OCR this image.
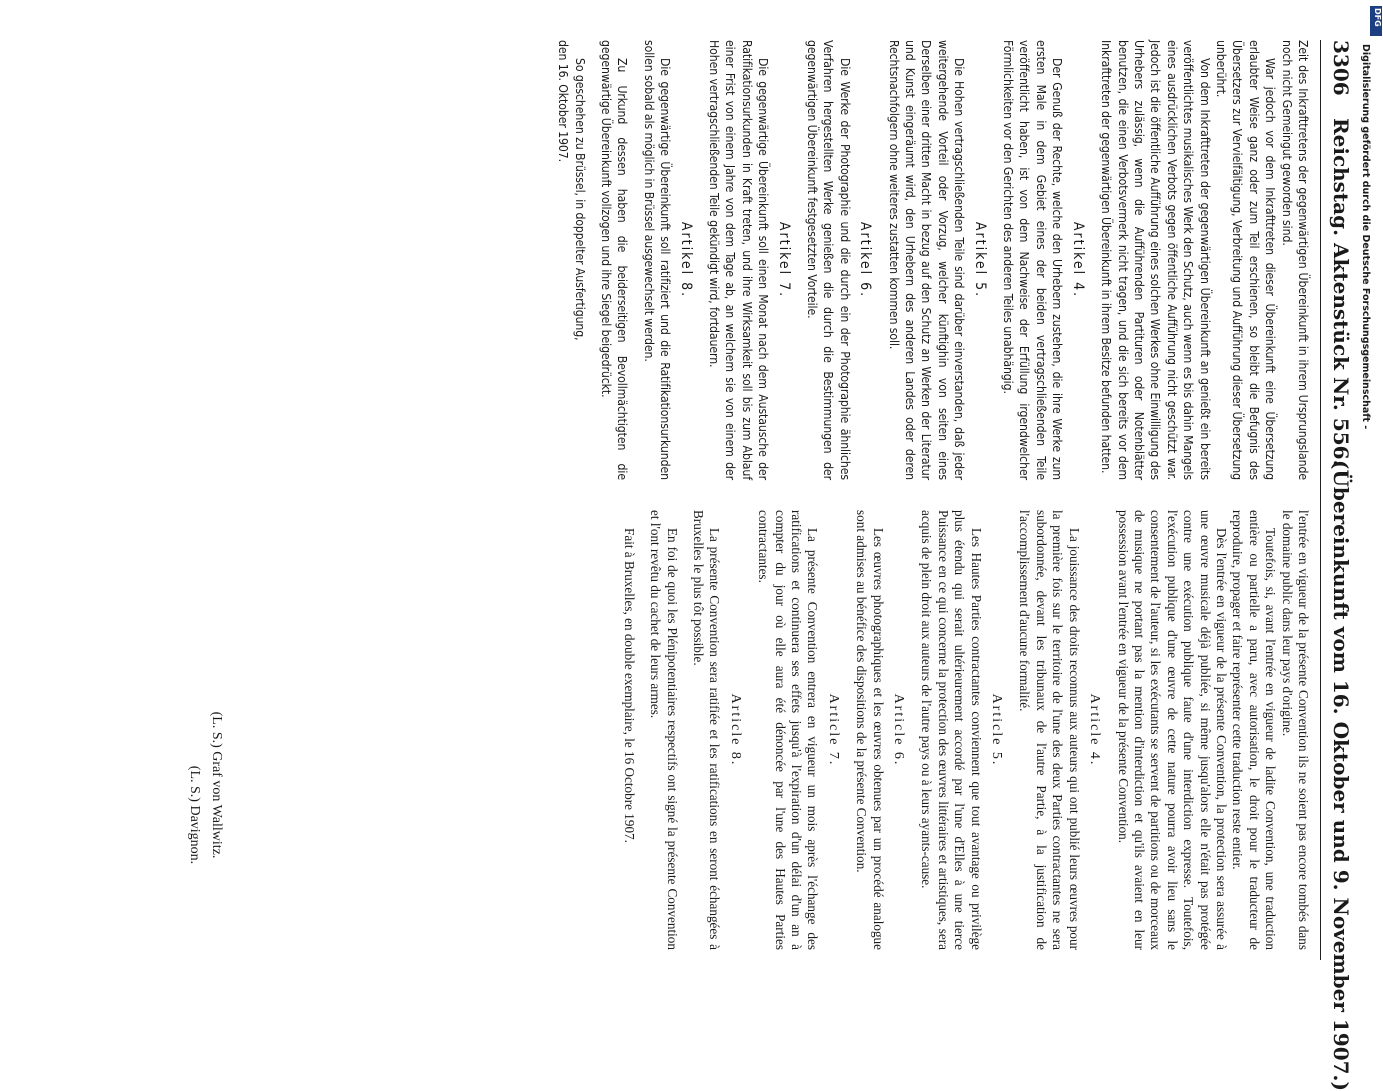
3306
Reichstag. Aktenstück Nr. 556.
(Übereinkunft vom 16. Oktober und 9. November 1907.)

Zeit des Inkrafttretens der gegenwärtigen Übereinkunft in ihrem Ursprungslande noch nicht Gemeingut geworden sind.

War jedoch vor dem Inkrafttreten dieser Übereinkunft eine Übersetzung erlaubter Weise ganz oder zum Teil erschienen, so bleibt die Befugnis des Übersetzers zur Vervielfältigung, Verbreitung und Aufführung dieser Übersetzung unberührt.

Von dem Inkrafttreten der gegenwärtigen Übereinkunft an genießt ein bereits veröffentlichtes musikalisches Werk den Schutz, auch wenn es bis dahin Mangels eines ausdrücklichen Verbots gegen öffentliche Aufführung nicht geschützt war. Jedoch ist die öffentliche Aufführung eines solchen Werkes ohne Einwilligung des Urhebers zulässig, wenn die Aufführenden Partituren oder Notenblätter benutzen, die einen Verbotsvermerk nicht tragen, und die sich bereits vor dem Inkrafttreten der gegenwärtigen Übereinkunft in ihrem Besitze befunden hatten.

Artikel 4.

Der Genuß der Rechte, welche den Urhebern zustehen, die ihre Werke zum ersten Male in dem Gebiet eines der beiden vertragschließenden Teile veröffentlicht haben, ist von dem Nachweise der Erfüllung irgendwelcher Förmlichkeiten vor den Gerichten des anderen Teiles unabhängig.

Artikel 5.

Die Hohen vertragschließenden Teile sind darüber einverstanden, daß jeder weitergehende Vorteil oder Vorzug, welcher künftighin von seiten eines Derselben einer dritten Macht in bezug auf den Schutz an Werken der Literatur und Kunst eingeräumt wird, den Urhebern des anderen Landes oder deren Rechtsnachfolgern ohne weiteres zustatten kommen soll.

Artikel 6.

Die Werke der Photographie und die durch ein der Photographie ähnliches Verfahren hergestellten Werke genießen die durch die Bestimmungen der gegenwärtigen Übereinkunft festgesetzten Vorteile.

Artikel 7.

Die gegenwärtige Übereinkunft soll einen Monat nach dem Austausche der Ratifikationsurkunden in Kraft treten, und ihre Wirksamkeit soll bis zum Ablauf einer Frist von einem Jahre von dem Tage ab, an welchem sie von einem der Hohen vertragschließenden Teile gekündigt wird, fortdauern.

Artikel 8.

Die gegenwärtige Übereinkunft soll ratifiziert und die Ratifikationsurkunden sollen sobald als möglich in Brüssel ausgewechselt werden.

Zu Urkund dessen haben die beiderseitigen Bevollmächtigten die gegenwärtige Übereinkunft vollzogen und ihre Siegel beigedrückt.

So geschehen zu Brüssel, in doppelter Ausfertigung,

den 16. Oktober 1907.

l'entrée en vigueur de la présente Convention ils ne soient pas encore tombés dans le domaine public dans leur pays d'origine.

Toutefois, si, avant l'entrée en vigueur de ladite Convention, une traduction entière ou partielle a paru, avec autorisation, le droit pour le traducteur de reproduire, propager et faire représenter cette traduction reste entier.

Dès l'entrée en vigueur de la présente Convention, la protection sera assurée à une œuvre musicale déjà publiée, si même jusqu'alors elle n'était pas protégée contre une exécution publique faute d'une interdiction expresse. Toutefois, l'exécution publique d'une œuvre de cette nature pourra avoir lieu sans le consentement de l'auteur, si les exécutants se servent de partitions ou de morceaux de musique ne portant pas la mention d'interdiction et qu'ils avaient en leur possession avant l'entrée en vigueur de la présente Convention.

Article 4.

La jouissance des droits reconnus aux auteurs qui ont publié leurs œuvres pour la première fois sur le territoire de l'une des deux Parties contractantes ne sera subordonnée, devant les tribunaux de l'autre Partie, à la justification de l'accomplissement d'aucune formalité.

Article 5.

Les Hautes Parties contractantes conviennent que tout avantage ou privilège plus étendu qui serait ultérieurement accordé par l'une d'Elles à une tierce Puissance en ce qui concerne la protection des œuvres littéraires et artistiques, sera acquis de plein droit aux auteurs de l'autre pays ou à leurs ayants-cause.

Article 6.

Les œuvres photographiques et les œuvres obtenues par un procédé analogue sont admises au bénéfice des dispositions de la présente Convention.

Article 7.

La présente Convention entrera en vigueur un mois après l'échange des ratifications et continuera ses effets jusqu'à l'expiration d'un délai d'un an à compter du jour où elle aura été dénoncée par l'une des Hautes Parties contractantes.

Article 8.

La présente Convention sera ratifiée et les ratifications en seront échangées à Bruxelles le plus tôt possible.

En foi de quoi les Plénipotentiaires respectifs ont signé la présente Convention et l'ont revêtu du cachet de leurs armes.

Fait à Bruxelles, en double exemplaire, le 16 Octobre 1907.

(L. S.) Graf von Wallwitz.
(L. S.) Davignon.
Digitalisierung gefördert durch die Deutsche Forschungsgemeinschaft -
DFG
